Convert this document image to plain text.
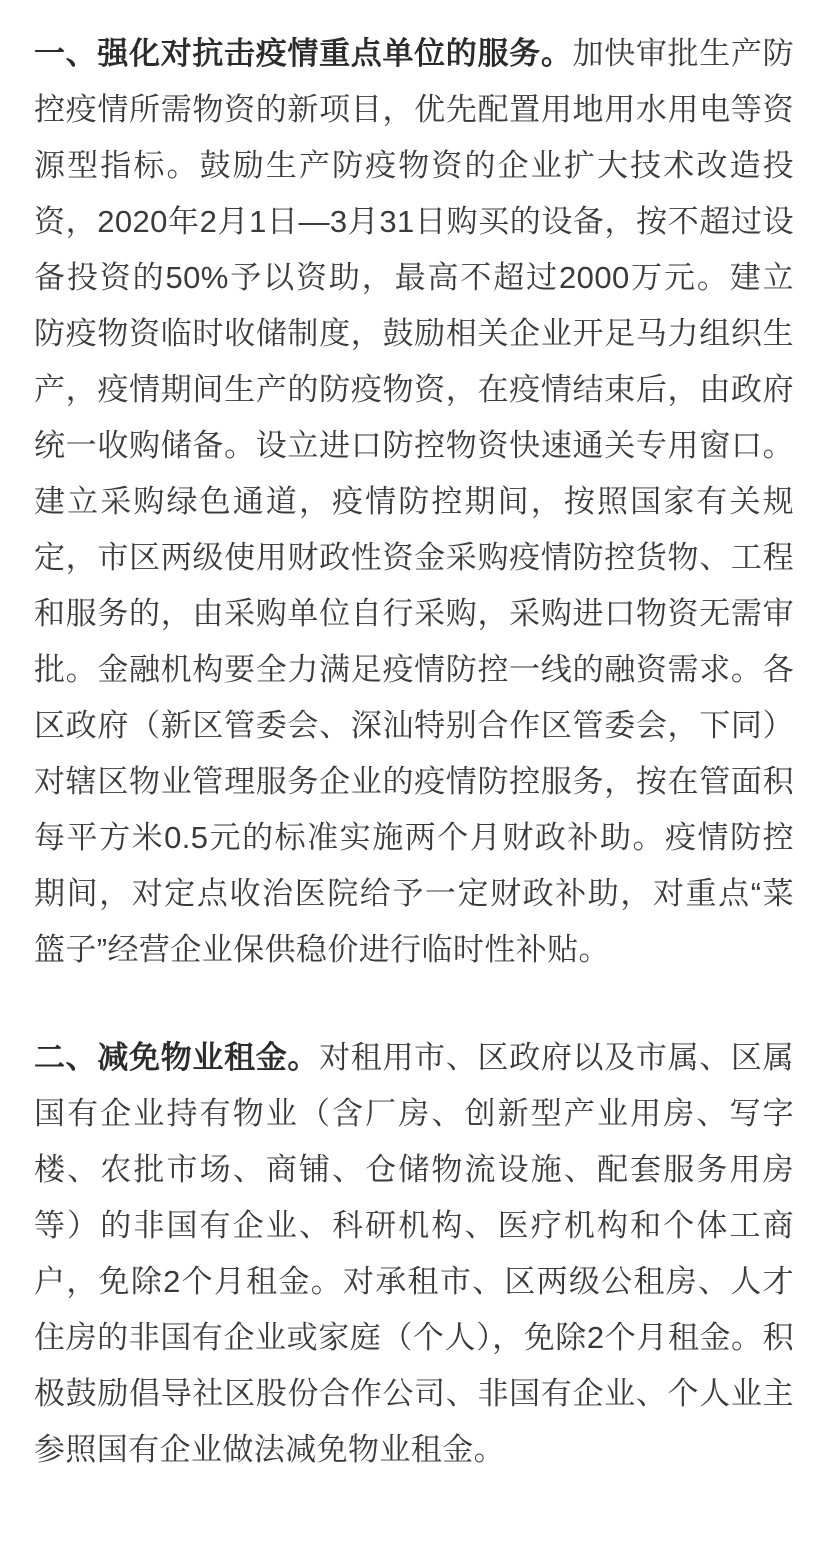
一、强化对抗击疫情重点单位的服务。加快审批生产防控疫情所需物资的新项目，优先配置用地用水用电等资源型指标。鼓励生产防疫物资的企业扩大技术改造投资，2020年2月1日—3月31日购买的设备，按不超过设备投资的50%予以资助，最高不超过2000万元。建立防疫物资临时收储制度，鼓励相关企业开足马力组织生产，疫情期间生产的防疫物资，在疫情结束后，由政府统一收购储备。设立进口防控物资快速通关专用窗口。建立采购绿色通道，疫情防控期间，按照国家有关规定，市区两级使用财政性资金采购疫情防控货物、工程和服务的，由采购单位自行采购，采购进口物资无需审批。金融机构要全力满足疫情防控一线的融资需求。各区政府（新区管委会、深汕特别合作区管委会，下同）对辖区物业管理服务企业的疫情防控服务，按在管面积每平方米0.5元的标准实施两个月财政补助。疫情防控期间，对定点收治医院给予一定财政补助，对重点“菜篮子”经营企业保供稳价进行临时性补贴。

二、减免物业租金。对租用市、区政府以及市属、区属国有企业持有物业（含厂房、创新型产业用房、写字楼、农批市场、商铺、仓储物流设施、配套服务用房等）的非国有企业、科研机构、医疗机构和个体工商户，免除2个月租金。对承租市、区两级公租房、人才住房的非国有企业或家庭（个人），免除2个月租金。积极鼓励倡导社区股份合作公司、非国有企业、个人业主参照国有企业做法减免物业租金。
